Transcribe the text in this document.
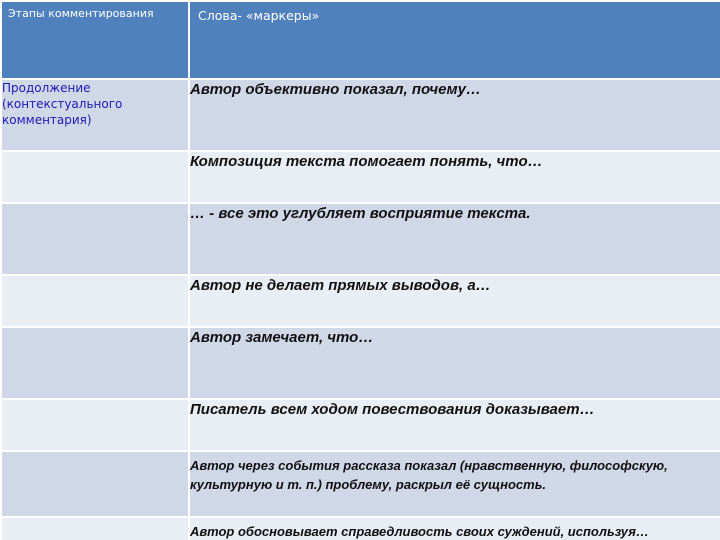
Этапы комментирования	Слова- «маркеры»
Продолжение (контекстуального комментария)	Автор объективно показал, почему…
	Композиция текста помогает понять, что…
	… - все это углубляет восприятие текста.
	Автор не делает прямых выводов, а…
	Автор замечает, что…
	Писатель всем ходом повествования доказывает…
	Автор через события рассказа показал (нравственную, философскую, культурную и т. п.) проблему, раскрыл её сущность.
	Автор обосновывает справедливость своих суждений, используя…
